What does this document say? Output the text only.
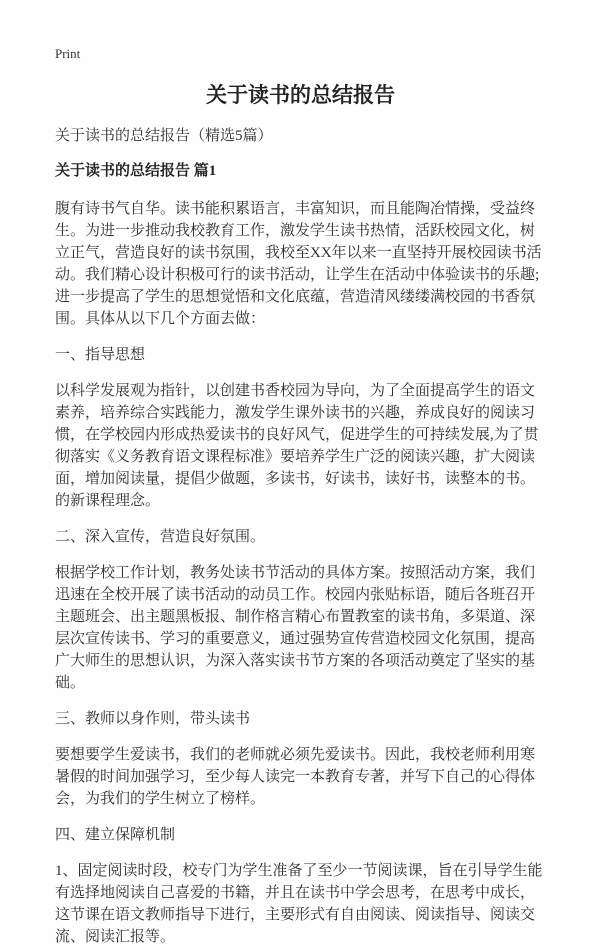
Print
关于读书的总结报告

关于读书的总结报告（精选5篇）

关于读书的总结报告 篇1

腹有诗书气自华。读书能积累语言，丰富知识，而且能陶冶情操，受益终生。为进一步推动我校教育工作，激发学生读书热情，活跃校园文化，树立正气，营造良好的读书氛围，我校至XX年以来一直坚持开展校园读书活动。我们精心设计积极可行的读书活动，让学生在活动中体验读书的乐趣;进一步提高了学生的思想觉悟和文化底蕴，营造清风缕缕满校园的书香氛围。具体从以下几个方面去做：

一、指导思想

以科学发展观为指针，以创建书香校园为导向，为了全面提高学生的语文素养，培养综合实践能力，激发学生课外读书的兴趣，养成良好的阅读习惯，在学校园内形成热爱读书的良好风气，促进学生的可持续发展,为了贯彻落实《义务教育语文课程标准》要培养学生广泛的阅读兴趣，扩大阅读面，增加阅读量，提倡少做题，多读书，好读书，读好书，读整本的书。的新课程理念。

二、深入宣传，营造良好氛围。

根据学校工作计划，教务处读书节活动的具体方案。按照活动方案，我们迅速在全校开展了读书活动的动员工作。校园内张贴标语，随后各班召开主题班会、出主题黑板报、制作格言精心布置教室的读书角，多渠道、深层次宣传读书、学习的重要意义，通过强势宣传营造校园文化氛围，提高广大师生的思想认识，为深入落实读书节方案的各项活动奠定了坚实的基础。

三、教师以身作则，带头读书

要想要学生爱读书，我们的老师就必须先爱读书。因此，我校老师利用寒暑假的时间加强学习，至少每人读完一本教育专著，并写下自己的心得体会，为我们的学生树立了榜样。

四、建立保障机制

1、固定阅读时段，校专门为学生准备了至少一节阅读课，旨在引导学生能有选择地阅读自己喜爱的书籍，并且在读书中学会思考，在思考中成长，这节课在语文教师指导下进行，主要形式有自由阅读、阅读指导、阅读交流、阅读汇报等。
